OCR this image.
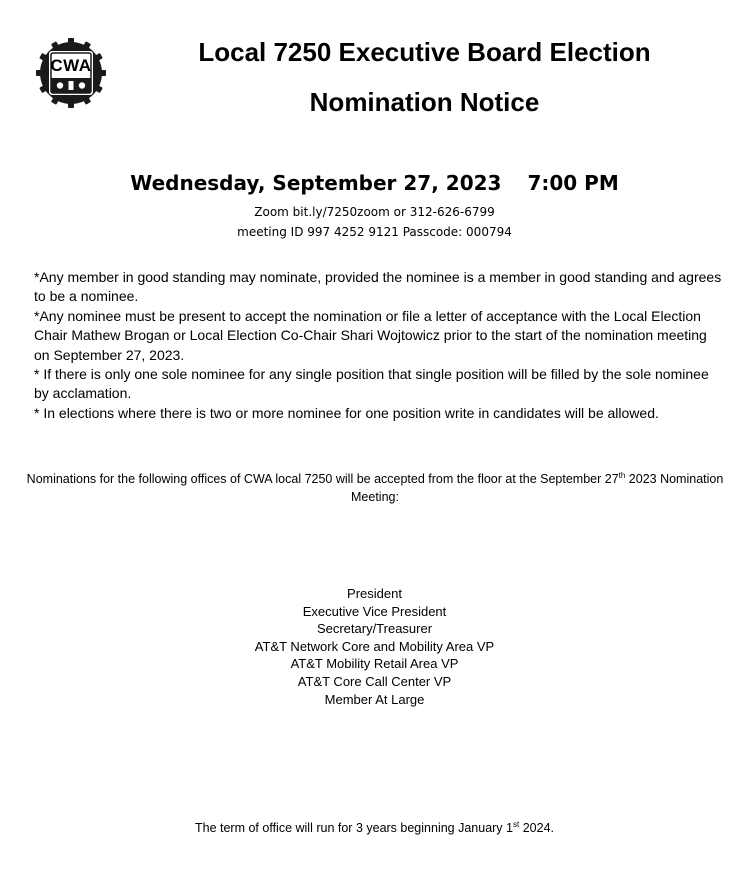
CWA	Local 7250 Executive Board Election
Nomination Notice
Wednesday, September 27, 2023 7:00 PM
Zoom bit.ly/7250zoom or 312-626-6799
meeting ID 997 4252 9121 Passcode: 000794

*Any member in good standing may nominate, provided the nominee is a member in good standing and agrees to be a nominee.

*Any nominee must be present to accept the nomination or file a letter of acceptance with the Local Election Chair Mathew Brogan or Local Election Co-Chair Shari Wojtowicz prior to the start of the nomination meeting on September 27, 2023.

* If there is only one sole nominee for any single position that single position will be filled by the sole nominee by acclamation.

* In elections where there is two or more nominee for one position write in candidates will be allowed.

Nominations for the following offices of CWA local 7250 will be accepted from the floor at the September 27th 2023 Nomination Meeting:
President
Executive Vice President
Secretary/Treasurer
AT&T Network Core and Mobility Area VP
AT&T Mobility Retail Area VP
AT&T Core Call Center VP
Member At Large
The term of office will run for 3 years beginning January 1st 2024.
